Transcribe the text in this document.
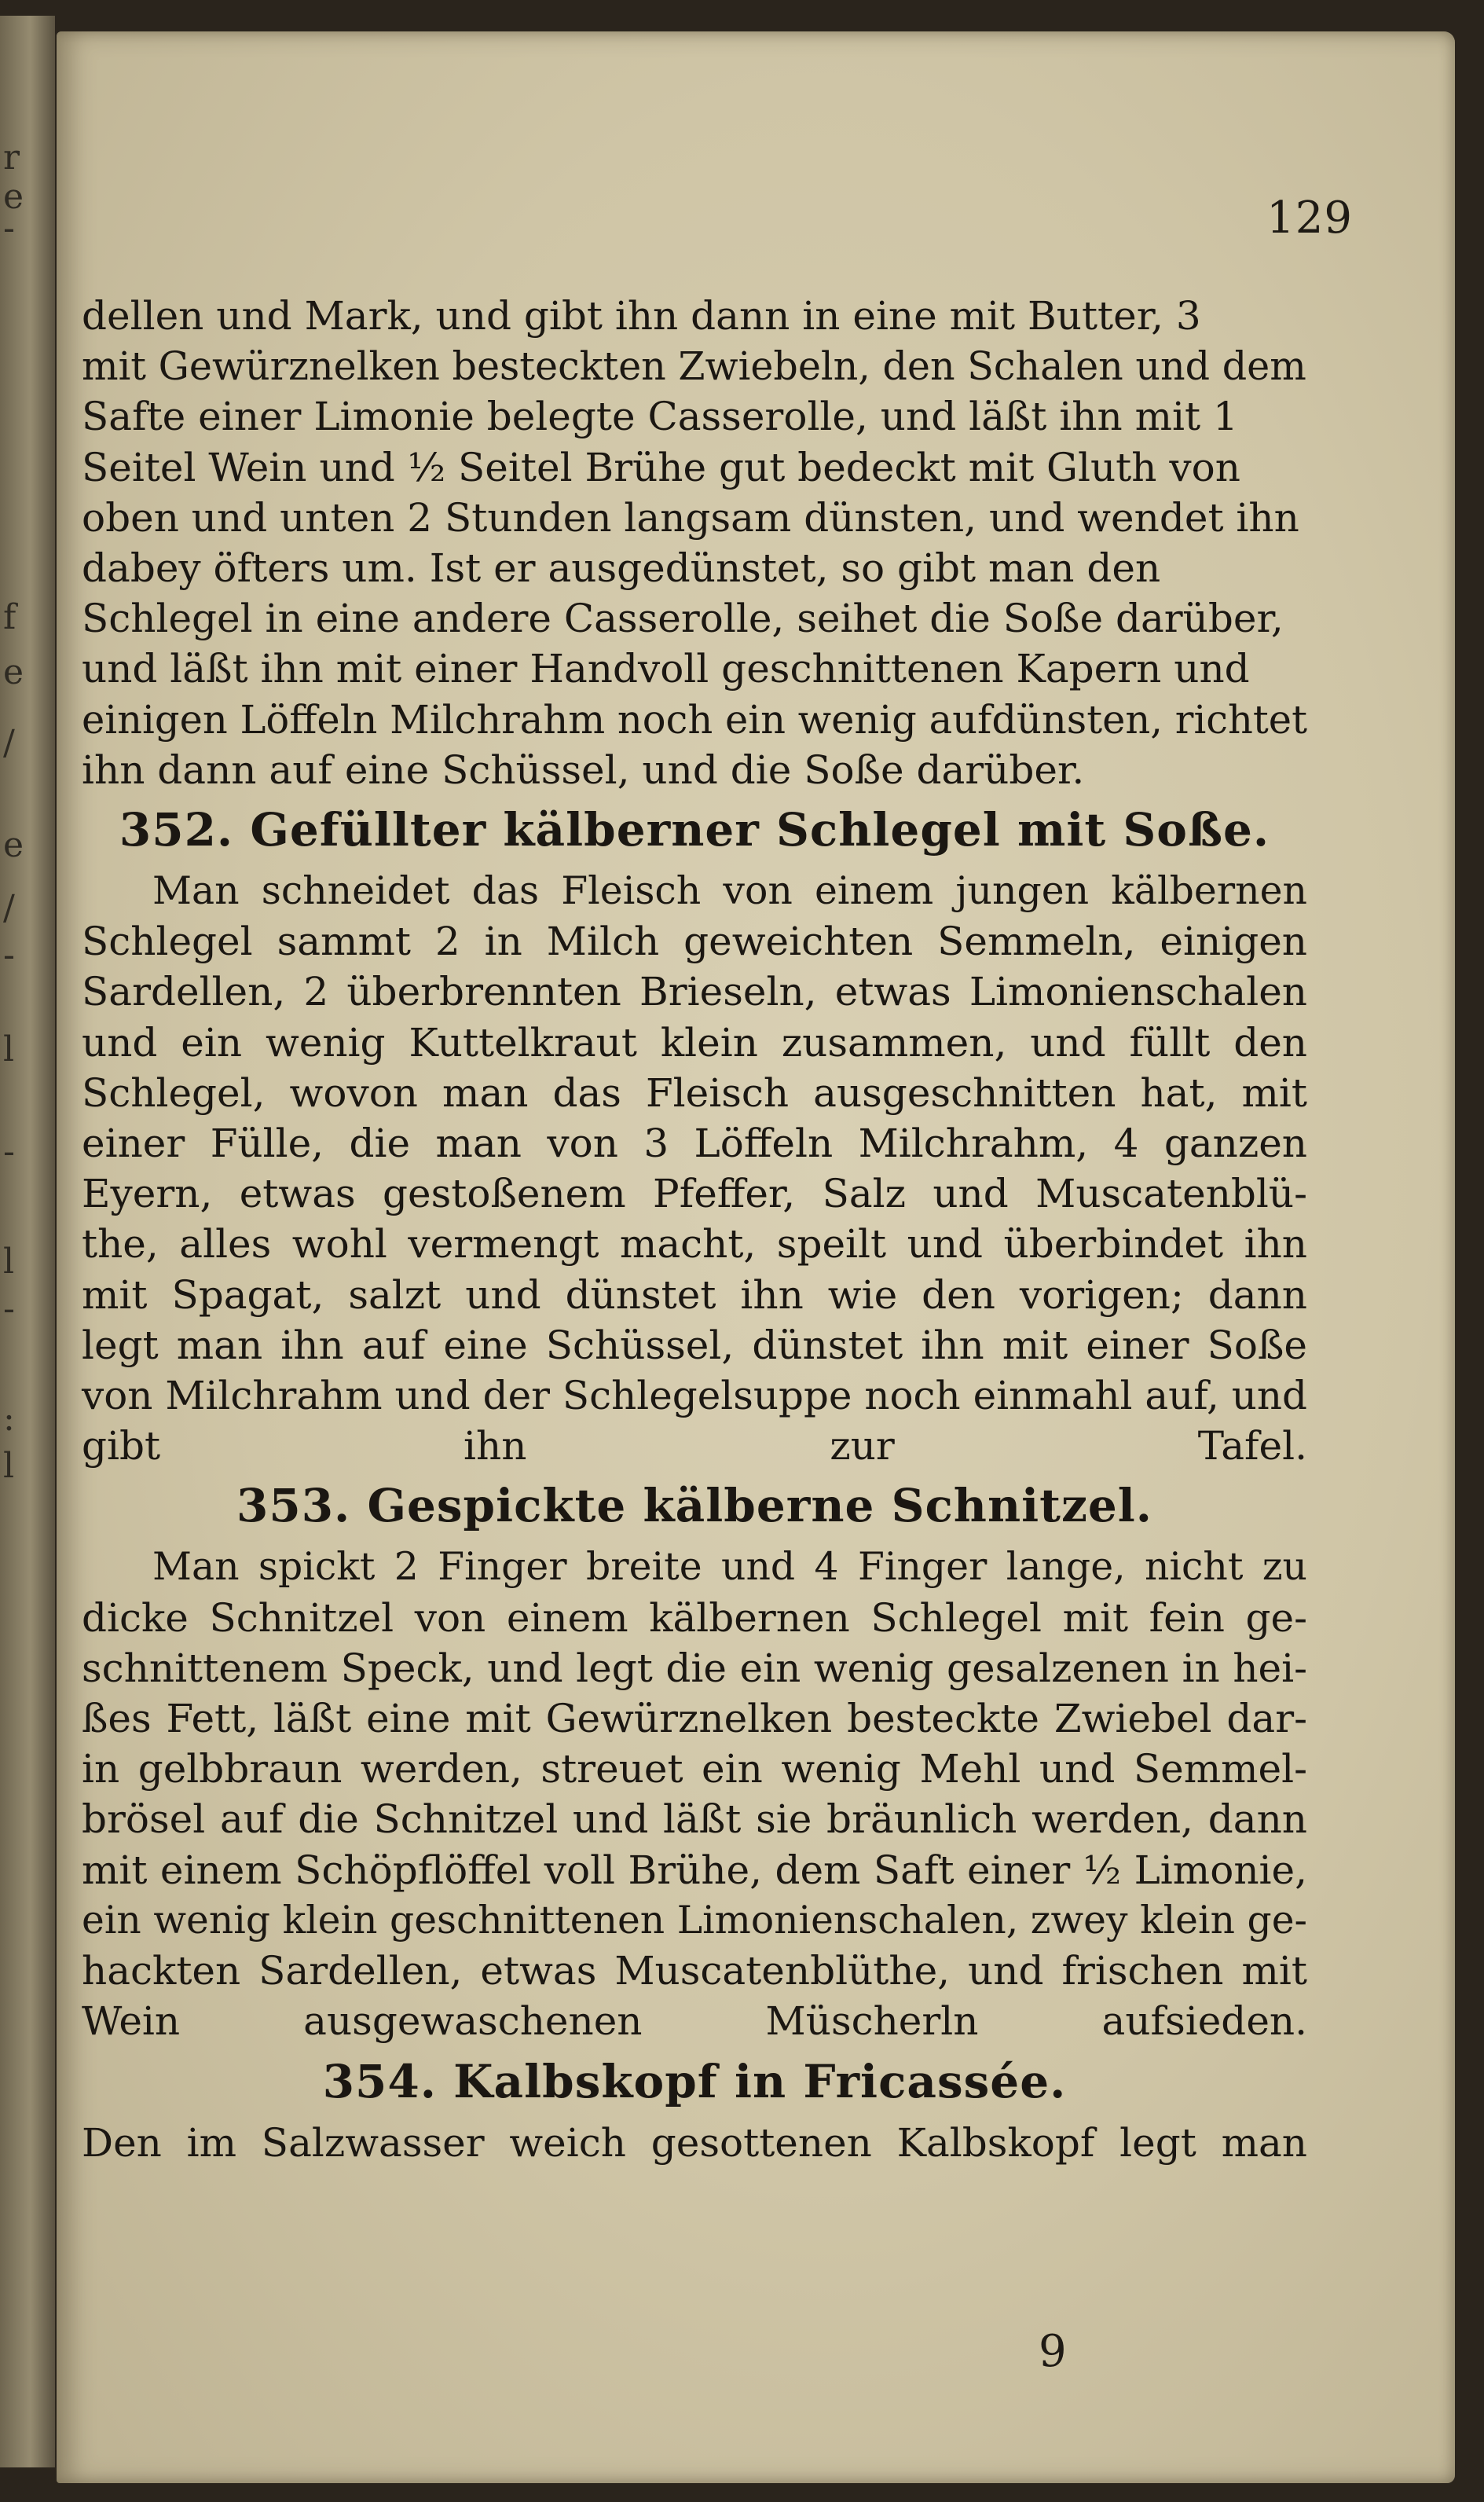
r
e
-
f
e
/
e
/
-
l
-
l
-
:
l
129
dellen und Mark, und gibt ihn dann in eine mit Butter, 3
mit Gewürznelken besteckten Zwiebeln, den Schalen und dem
Safte einer Limonie belegte Casserolle, und läßt ihn mit 1
Seitel Wein und ½ Seitel Brühe gut bedeckt mit Gluth von
oben und unten 2 Stunden langsam dünsten, und wendet ihn
dabey öfters um. Ist er ausgedünstet, so gibt man den
Schlegel in eine andere Casserolle, seihet die Soße darüber,
und läßt ihn mit einer Handvoll geschnittenen Kapern und
einigen Löffeln Milchrahm noch ein wenig aufdünsten, richtet
ihn dann auf eine Schüssel, und die Soße darüber.
352. Gefüllter kälberner Schlegel mit Soße.
Man schneidet das Fleisch von einem jungen kälbernen
Schlegel sammt 2 in Milch geweichten Semmeln, einigen
Sardellen, 2 überbrennten Brieseln, etwas Limonienschalen
und ein wenig Kuttelkraut klein zusammen, und füllt den
Schlegel, wovon man das Fleisch ausgeschnitten hat, mit
einer Fülle, die man von 3 Löffeln Milchrahm, 4 ganzen
Eyern, etwas gestoßenem Pfeffer, Salz und Muscatenblü-
the, alles wohl vermengt macht, speilt und überbindet ihn
mit Spagat, salzt und dünstet ihn wie den vorigen; dann
legt man ihn auf eine Schüssel, dünstet ihn mit einer Soße
von Milchrahm und der Schlegelsuppe noch einmahl auf, und
gibt ihn zur Tafel.
353. Gespickte kälberne Schnitzel.
Man spickt 2 Finger breite und 4 Finger lange, nicht zu
dicke Schnitzel von einem kälbernen Schlegel mit fein ge-
schnittenem Speck, und legt die ein wenig gesalzenen in hei-
ßes Fett, läßt eine mit Gewürznelken besteckte Zwiebel dar-
in gelbbraun werden, streuet ein wenig Mehl und Semmel-
brösel auf die Schnitzel und läßt sie bräunlich werden, dann
mit einem Schöpflöffel voll Brühe, dem Saft einer ½ Limonie,
ein wenig klein geschnittenen Limonienschalen, zwey klein ge-
hackten Sardellen, etwas Muscatenblüthe, und frischen mit
Wein ausgewaschenen Müscherln aufsieden.
354. Kalbskopf in Fricassée.
Den im Salzwasser weich gesottenen Kalbskopf legt man
9
